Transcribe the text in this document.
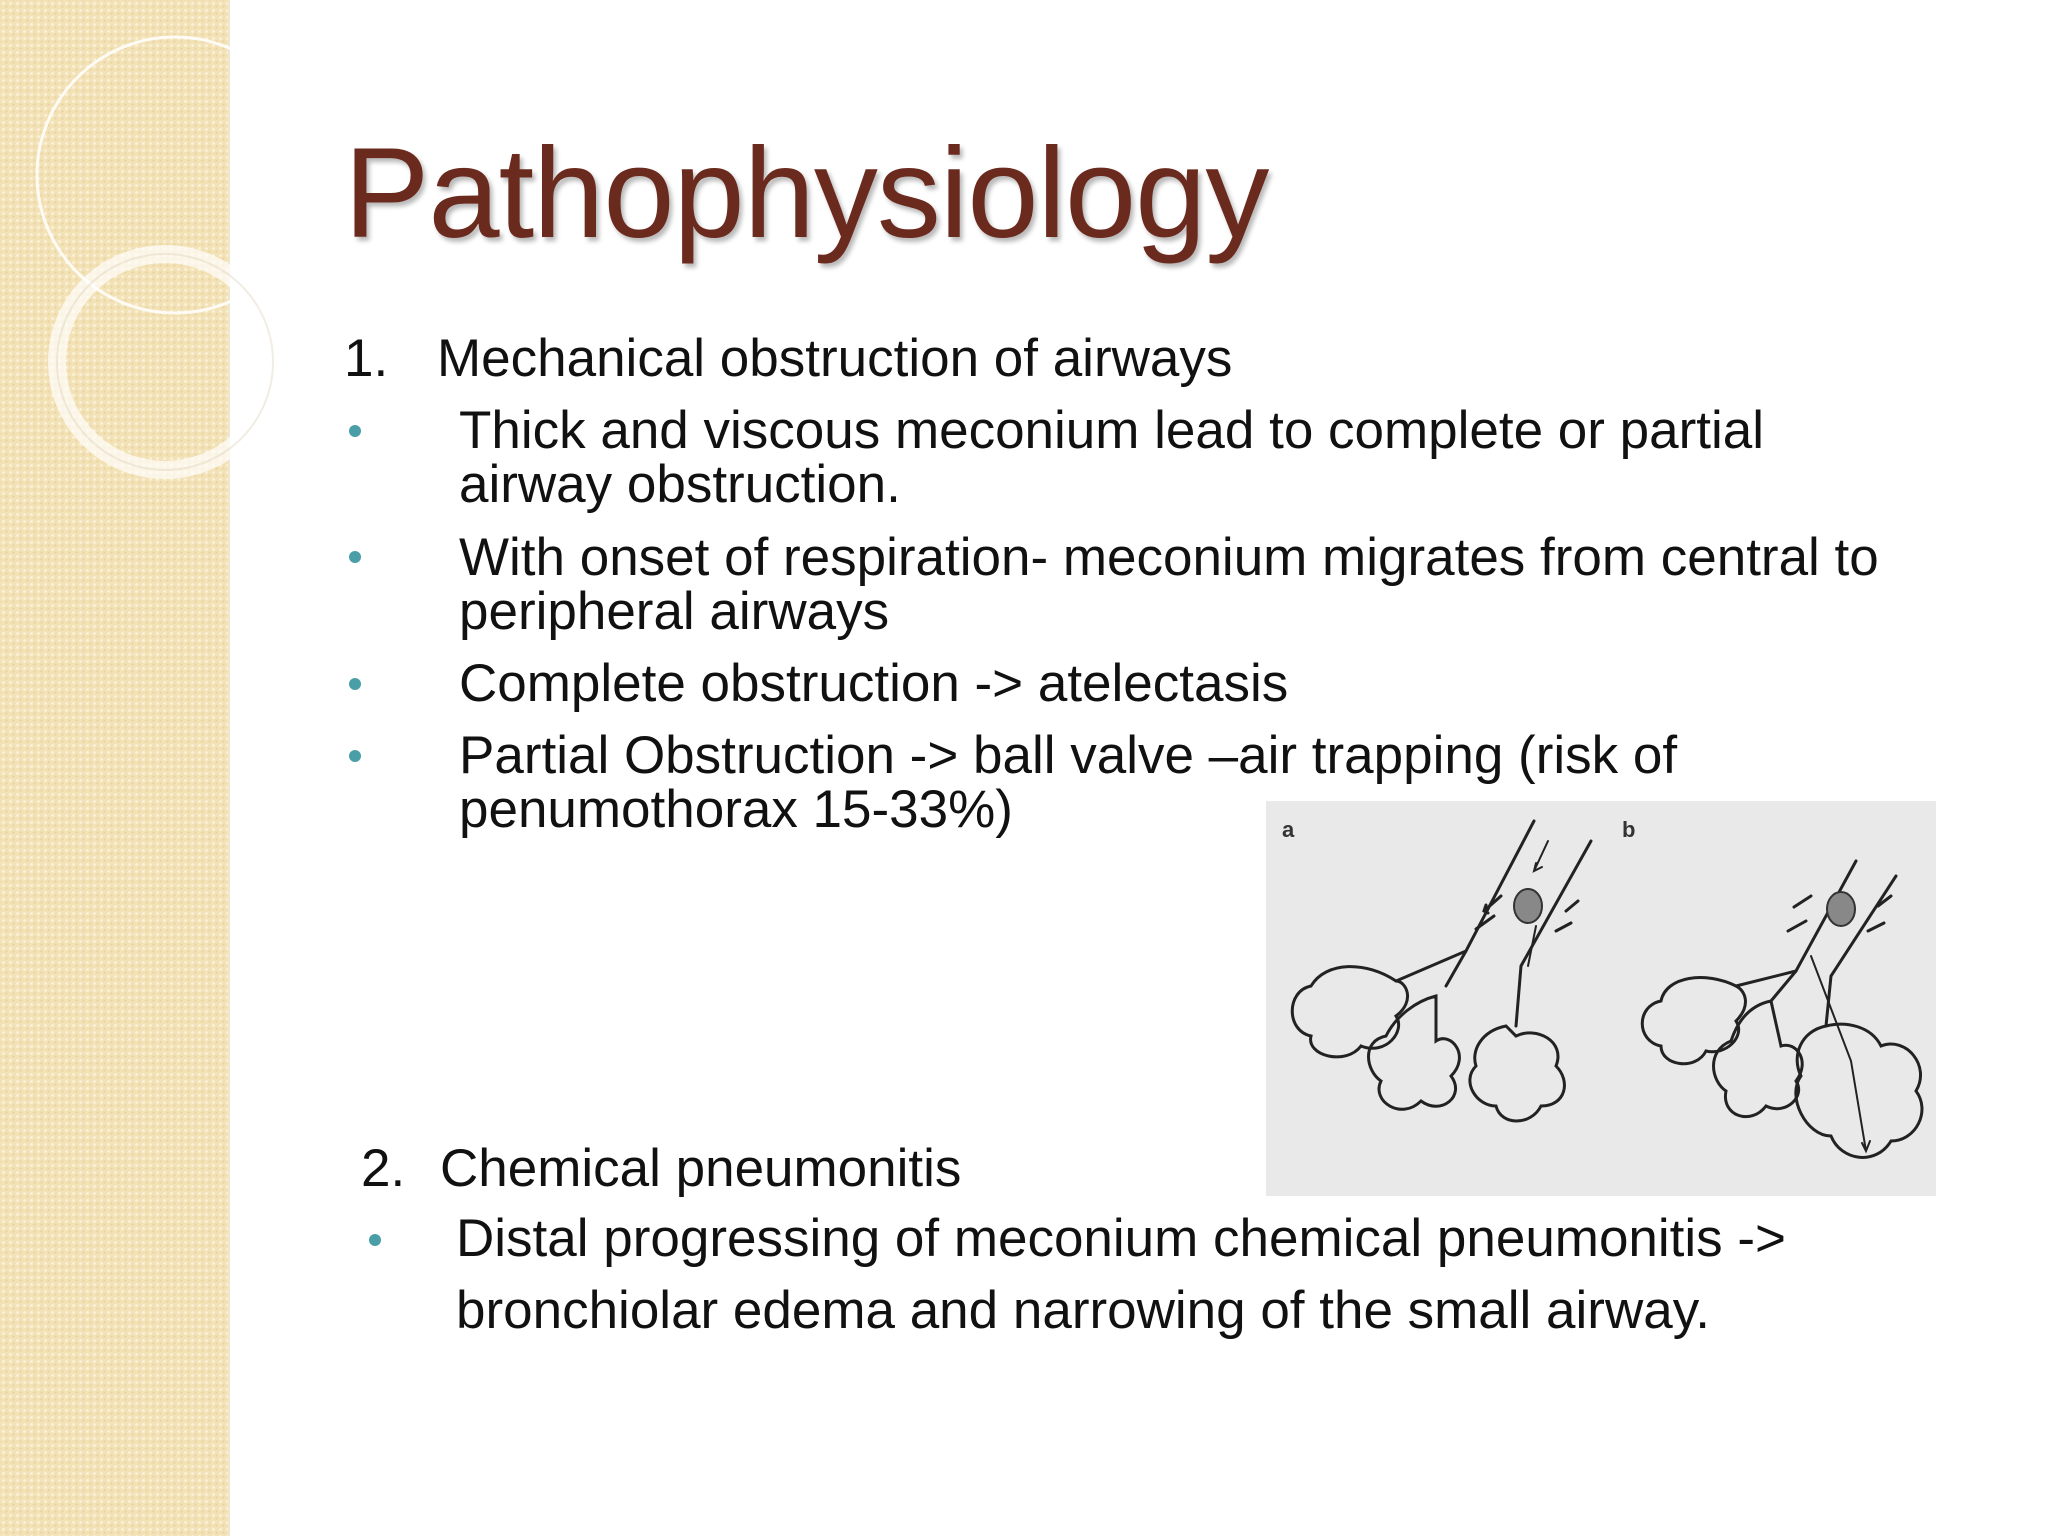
Pathophysiology
1. Mechanical obstruction of airways
Thick and viscous meconium lead to complete or partial
airway obstruction.
With onset of respiration- meconium migrates from central to
peripheral airways
Complete obstruction -> atelectasis
Partial Obstruction -> ball valve –air trapping (risk of
penumothorax 15-33%)	a	b
2. Chemical pneumonitis
Distal progressing of meconium chemical pneumonitis ->
bronchiolar edema and narrowing of the small airway.
